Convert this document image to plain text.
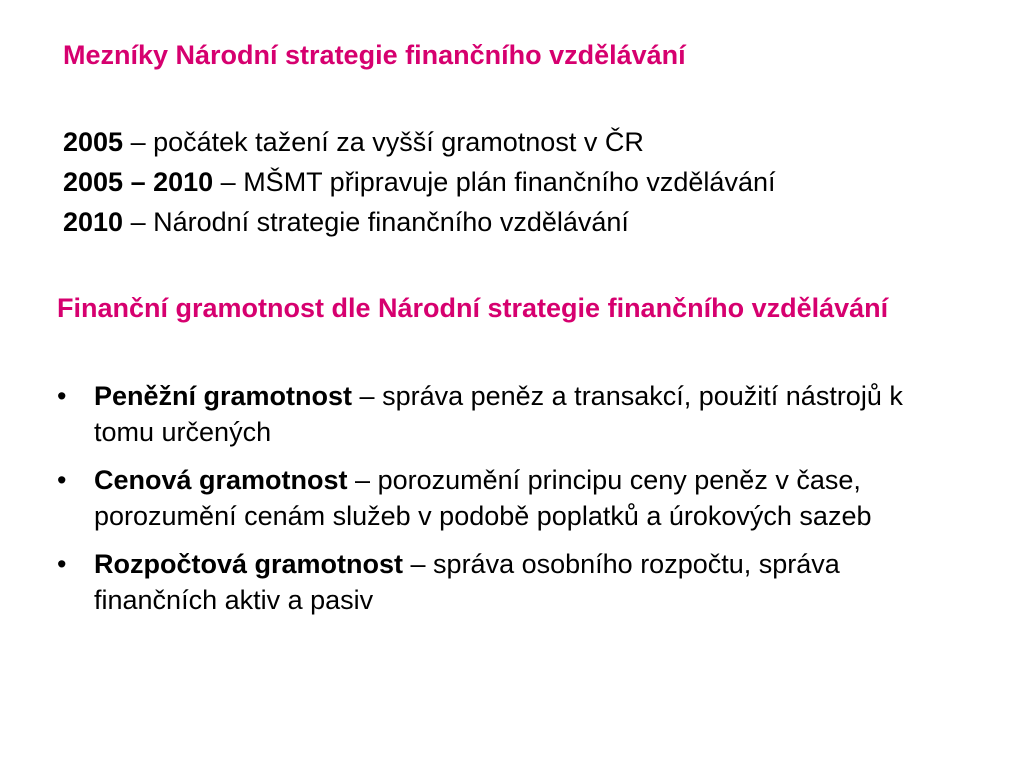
Mezníky Národní strategie finančního vzdělávání
2005 – počátek tažení za vyšší gramotnost v ČR
2005 – 2010 – MŠMT připravuje plán finančního vzdělávání
2010 – Národní strategie finančního vzdělávání
Finanční gramotnost dle Národní strategie finančního vzdělávání
•	Peněžní gramotnost – správa peněz a transakcí, použití nástrojů k tomu určených
•	Cenová gramotnost – porozumění principu ceny peněz v čase, porozumění cenám služeb v podobě poplatků a úrokových sazeb
•	Rozpočtová gramotnost – správa osobního rozpočtu, správa finančních aktiv a pasiv
